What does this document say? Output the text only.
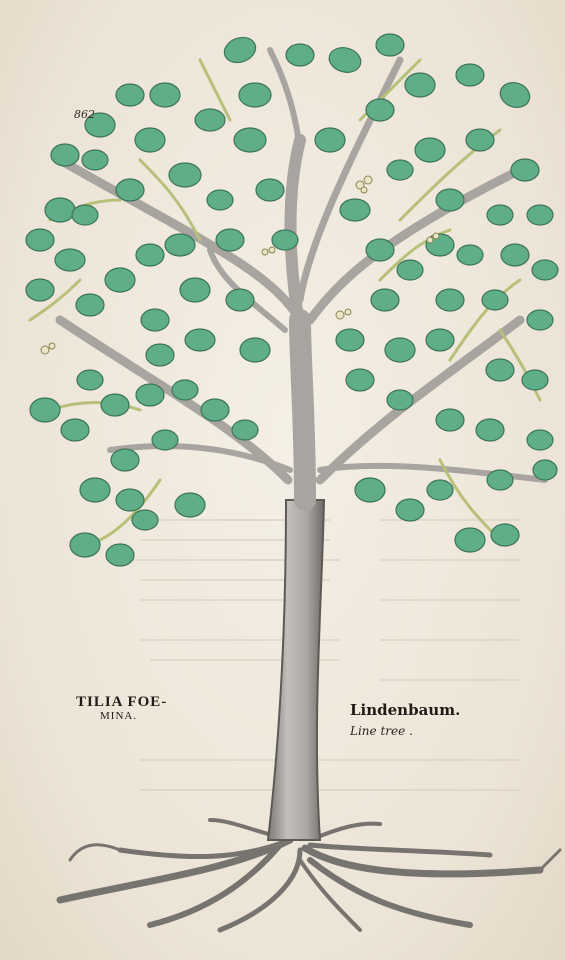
862
TILIA FOE-
MINA.	Lindenbaum.
Line tree .
